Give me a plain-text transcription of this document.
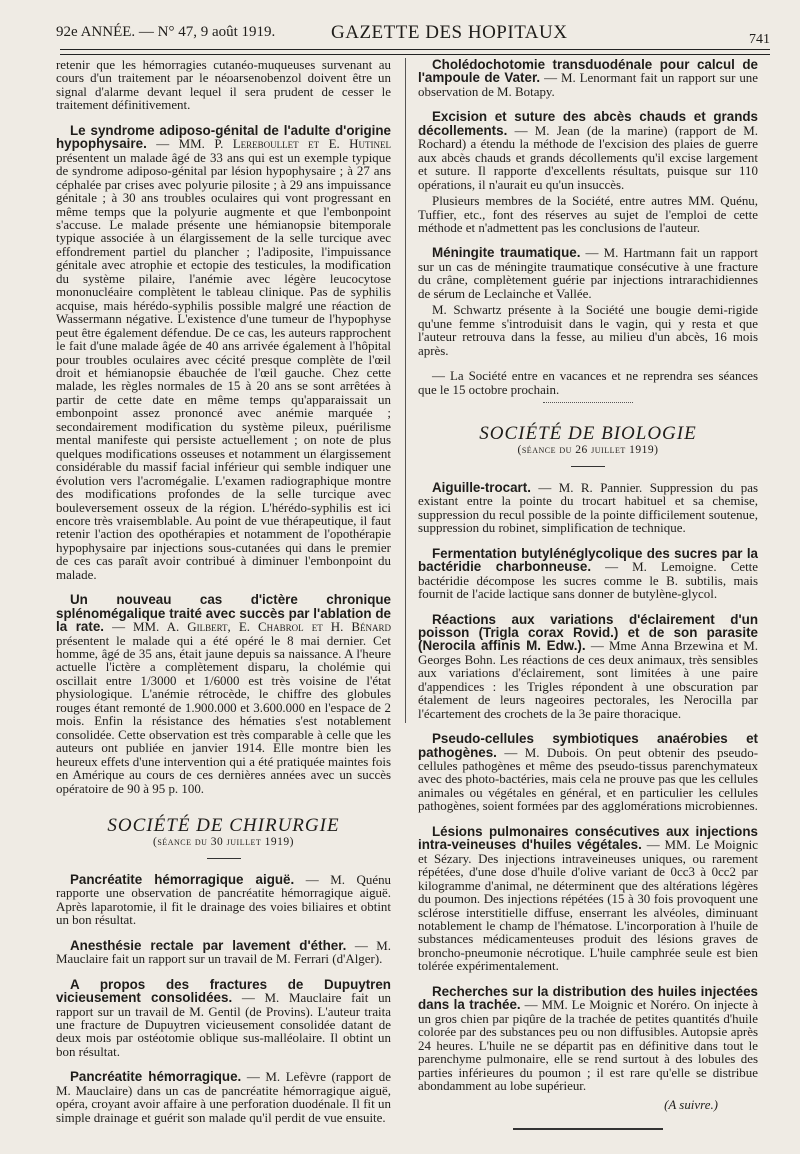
92e ANNÉE. — N° 47, 9 août 1919.	GAZETTE DES HOPITAUX	741

retenir que les hémorragies cutanéo-muqueuses survenant au cours d'un traitement par le néoarsenobenzol doivent être un signal d'alarme devant lequel il sera prudent de cesser le traitement définitivement.

Le syndrome adiposo-génital de l'adulte d'origine hypophysaire. — MM. P. Lereboullet et E. Hutinel présentent un malade âgé de 33 ans qui est un exemple typique de syndrome adiposo-génital par lésion hypophysaire ; à 27 ans céphalée par crises avec polyurie pilosite ; à 29 ans impuissance génitale ; à 30 ans troubles oculaires qui vont progressant en même temps que la polyurie augmente et que l'embonpoint s'accuse. Le malade présente une hémianopsie bitemporale typique associée à un élargissement de la selle turcique avec effondrement partiel du plancher ; l'adiposite, l'impuissance génitale avec atrophie et ectopie des testicules, la modification du système pilaire, l'anémie avec légère leucocytose mononucléaire complètent le tableau clinique. Pas de syphilis acquise, mais hérédo-syphilis possible malgré une réaction de Wassermann négative. L'existence d'une tumeur de l'hypophyse peut être également défendue. De ce cas, les auteurs rapprochent le fait d'une malade âgée de 40 ans arrivée également à l'hôpital pour troubles oculaires avec cécité presque complète de l'œil droit et hémianopsie ébauchée de l'œil gauche. Chez cette malade, les règles normales de 15 à 20 ans se sont arrêtées à partir de cette date en même temps qu'apparaissait un embonpoint assez prononcé avec anémie marquée ; secondairement modification du système pileux, puérilisme mental manifeste qui persiste actuellement ; on note de plus quelques modifications osseuses et notamment un élargissement considérable du massif facial inférieur qui semble indiquer une évolution vers l'acromégalie. L'examen radiographique montre des modifications profondes de la selle turcique avec bouleversement osseux de la région. L'hérédo-syphilis est ici encore très vraisemblable. Au point de vue thérapeutique, il faut retenir l'action des opothérapies et notamment de l'opothérapie hypophysaire par injections sous-cutanées qui dans le premier de ces cas paraît avoir contribué à diminuer l'embonpoint du malade.

Un nouveau cas d'ictère chronique splénomégalique traité avec succès par l'ablation de la rate. — MM. A. Gilbert, E. Chabrol et H. Bénard présentent le malade qui a été opéré le 8 mai dernier. Cet homme, âgé de 35 ans, était jaune depuis sa naissance. A l'heure actuelle l'ictère a complètement disparu, la cholémie qui oscillait entre 1/3000 et 1/6000 est très voisine de l'état physiologique. L'anémie rétrocède, le chiffre des globules rouges étant remonté de 1.900.000 et 3.600.000 en l'espace de 2 mois. Enfin la résistance des hématies s'est notablement consolidée. Cette observation est très comparable à celle que les auteurs ont publiée en janvier 1914. Elle montre bien les heureux effets d'une intervention qui a été pratiquée maintes fois en Amérique au cours de ces dernières années avec un succès opératoire de 90 à 95 p. 100.

SOCIÉTÉ DE CHIRURGIE
(séance du 30 juillet 1919)

Pancréatite hémorragique aiguë. — M. Quénu rapporte une observation de pancréatite hémorragique aiguë. Après laparotomie, il fit le drainage des voies biliaires et obtint un bon résultat.

Anesthésie rectale par lavement d'éther. — M. Mauclaire fait un rapport sur un travail de M. Ferrari (d'Alger).

A propos des fractures de Dupuytren vicieusement consolidées. — M. Mauclaire fait un rapport sur un travail de M. Gentil (de Provins). L'auteur traita une fracture de Dupuytren vicieusement consolidée datant de deux mois par ostéotomie oblique sus-malléolaire. Il obtint un bon résultat.

Pancréatite hémorragique. — M. Lefèvre (rapport de M. Mauclaire) dans un cas de pancréatite hémorragique aiguë, opéra, croyant avoir affaire à une perforation duodénale. Il fit un simple drainage et guérit son malade qu'il perdit de vue ensuite.

Cholédochotomie transduodénale pour calcul de l'ampoule de Vater. — M. Lenormant fait un rapport sur une observation de M. Botapy.

Excision et suture des abcès chauds et grands décollements. — M. Jean (de la marine) (rapport de M. Rochard) a étendu la méthode de l'excision des plaies de guerre aux abcès chauds et grands décollements qu'il excise largement et suture. Il rapporte d'excellents résultats, puisque sur 110 opérations, il n'aurait eu qu'un insuccès.

Plusieurs membres de la Société, entre autres MM. Quénu, Tuffier, etc., font des réserves au sujet de l'emploi de cette méthode et n'admettent pas les conclusions de l'auteur.

Méningite traumatique. — M. Hartmann fait un rapport sur un cas de méningite traumatique consécutive à une fracture du crâne, complètement guérie par injections intrarachidiennes de sérum de Leclainche et Vallée.

M. Schwartz présente à la Société une bougie demi-rigide qu'une femme s'introduisit dans le vagin, qui y resta et que l'auteur retrouva dans la fesse, au milieu d'un abcès, 16 mois après.

— La Société entre en vacances et ne reprendra ses séances que le 15 octobre prochain.

SOCIÉTÉ DE BIOLOGIE
(séance du 26 juillet 1919)

Aiguille-trocart. — M. R. Pannier. Suppression du pas existant entre la pointe du trocart habituel et sa chemise, suppression du recul possible de la pointe difficilement soutenue, suppression du robinet, simplification de technique.

Fermentation butylénéglycolique des sucres par la bactéridie charbonneuse. — M. Lemoigne. Cette bactéridie décompose les sucres comme le B. subtilis, mais fournit de l'acide lactique sans donner de butylène-glycol.

Réactions aux variations d'éclairement d'un poisson (Trigla corax Rovid.) et de son parasite (Nerocila affinis M. Edw.). — Mme Anna Brzewina et M. Georges Bohn. Les réactions de ces deux animaux, très sensibles aux variations d'éclairement, sont limitées à une paire d'appendices : les Trigles répondent à une obscuration par étalement de leurs nageoires pectorales, les Nerocilla par l'écartement des crochets de la 3e paire thoracique.

Pseudo-cellules symbiotiques anaérobies et pathogènes. — M. Dubois. On peut obtenir des pseudo-cellules pathogènes et même des pseudo-tissus parenchymateux avec des photo-bactéries, mais cela ne prouve pas que les cellules animales ou végétales en général, et en particulier les cellules pathogènes, soient formées par des agglomérations microbiennes.

Lésions pulmonaires consécutives aux injections intra-veineuses d'huiles végétales. — MM. Le Moignic et Sézary. Des injections intraveineuses uniques, ou rarement répétées, d'une dose d'huile d'olive variant de 0cc3 à 0cc2 par kilogramme d'animal, ne déterminent que des altérations légères du poumon. Des injections répétées (15 à 30 fois provoquent une sclérose interstitielle diffuse, enserrant les alvéoles, diminuant notablement le champ de l'hématose. L'incorporation à l'huile de substances médicamenteuses produit des lésions graves de broncho-pneumonie nécrotique. L'huile camphrée seule est bien tolérée expérimentalement.

Recherches sur la distribution des huiles injectées dans la trachée. — MM. Le Moignic et Noréro. On injecte à un gros chien par piqûre de la trachée de petites quantités d'huile colorée par des substances peu ou non diffusibles. Autopsie après 24 heures. L'huile ne se départit pas en définitive dans tout le parenchyme pulmonaire, elle se rend surtout à des lobules des parties inférieures du poumon ; il est rare qu'elle se distribue abondamment au lobe supérieur.

(A suivre.)
